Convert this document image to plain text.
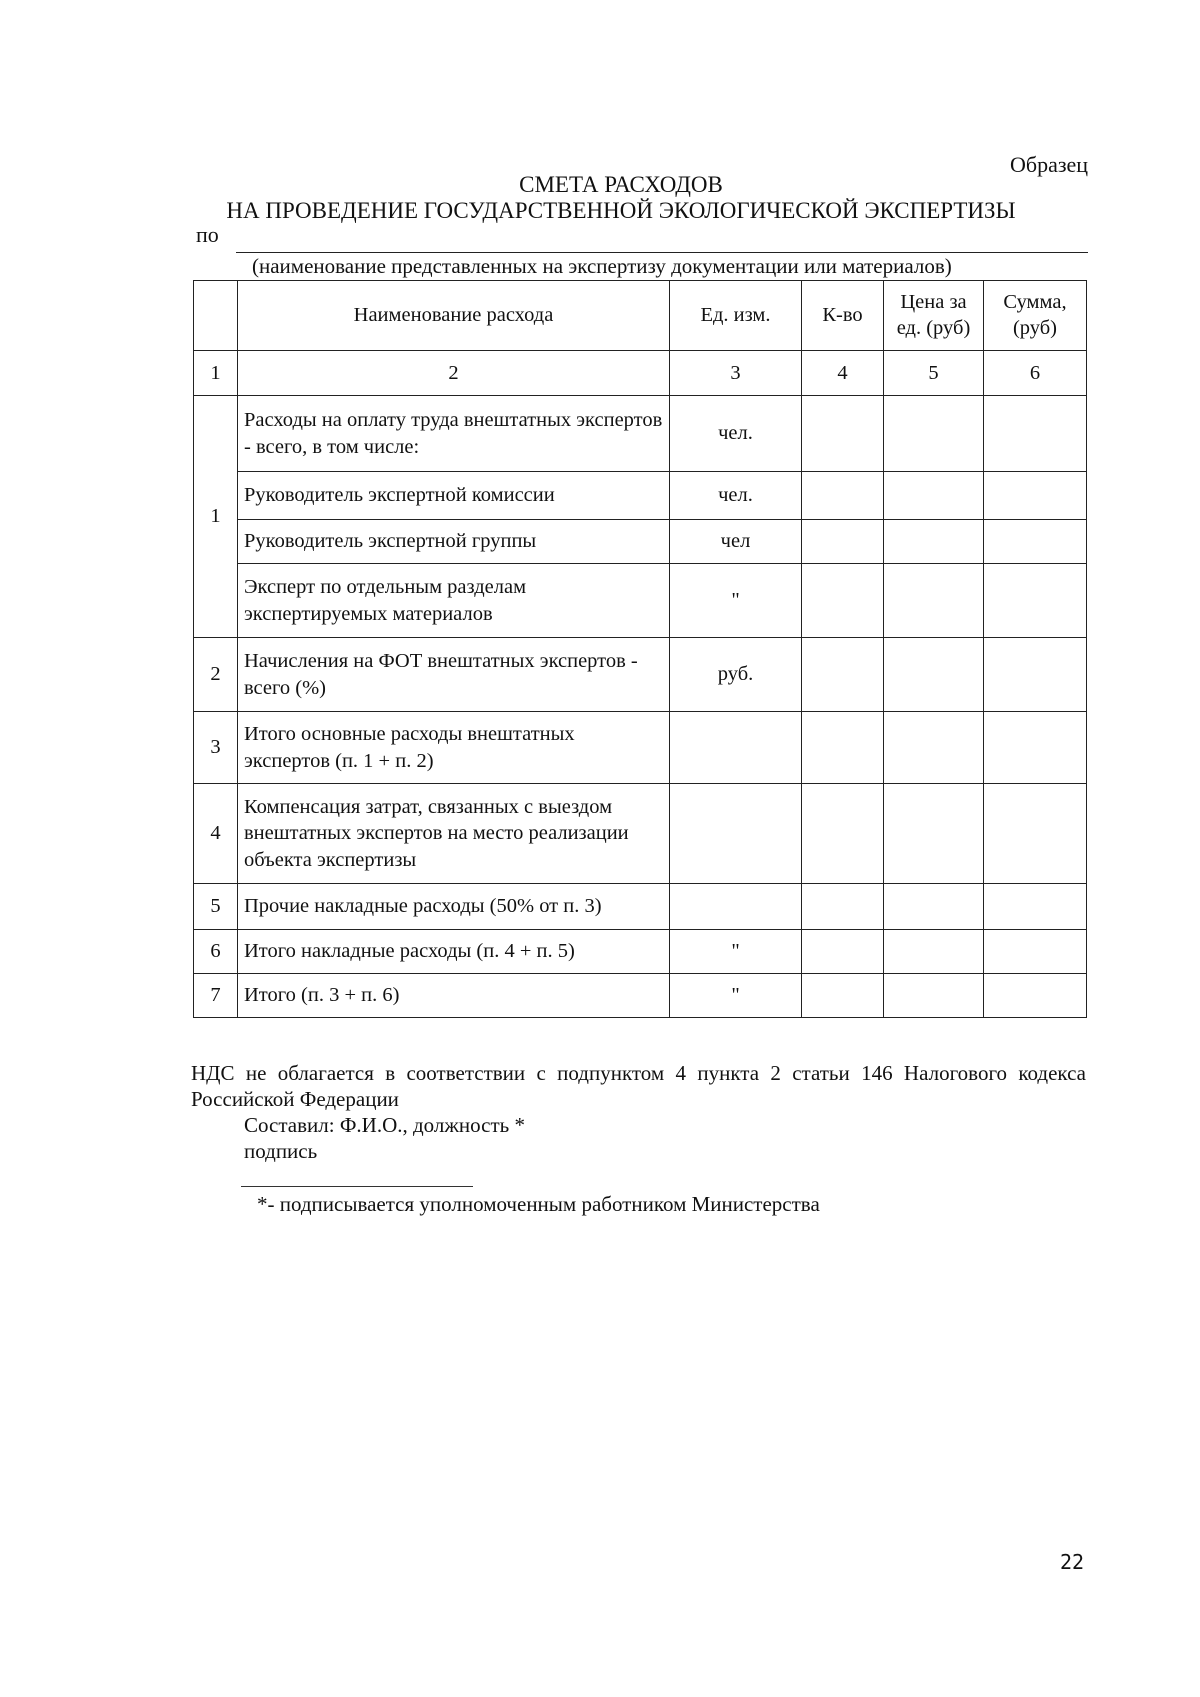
Образец
СМЕТА РАСХОДОВ
НА ПРОВЕДЕНИЕ ГОСУДАРСТВЕННОЙ ЭКОЛОГИЧЕСКОЙ ЭКСПЕРТИЗЫ
по
(наименование представленных на экспертизу документации или материалов)
	Наименование расхода	Ед. изм.	К-во	Цена за ед. (руб)	Сумма, (руб)
1	2	3	4	5	6
1	Расходы на оплату труда внештатных экспертов - всего, в том числе:	чел.			
	Руководитель экспертной комиссии	чел.			
	Руководитель экспертной группы	чел			
	Эксперт по отдельным разделам экспертируемых материалов	"			
2	Начисления на ФОТ внештатных экспертов - всего (%)	руб.			
3	Итого основные расходы внештатных экспертов (п. 1 + п. 2)				
4	Компенсация затрат, связанных с выездом внештатных экспертов на место реализации объекта экспертизы				
5	Прочие накладные расходы (50% от п. 3)				
6	Итого накладные расходы (п. 4 + п. 5)	"			
7	Итого (п. 3 + п. 6)	"			
НДС не облагается в соответствии с подпунктом 4 пункта 2 статьи 146 Налогового кодекса Российской Федерации
Составил: Ф.И.О., должность *
подпись
*- подписывается уполномоченным работником Министерства
22
